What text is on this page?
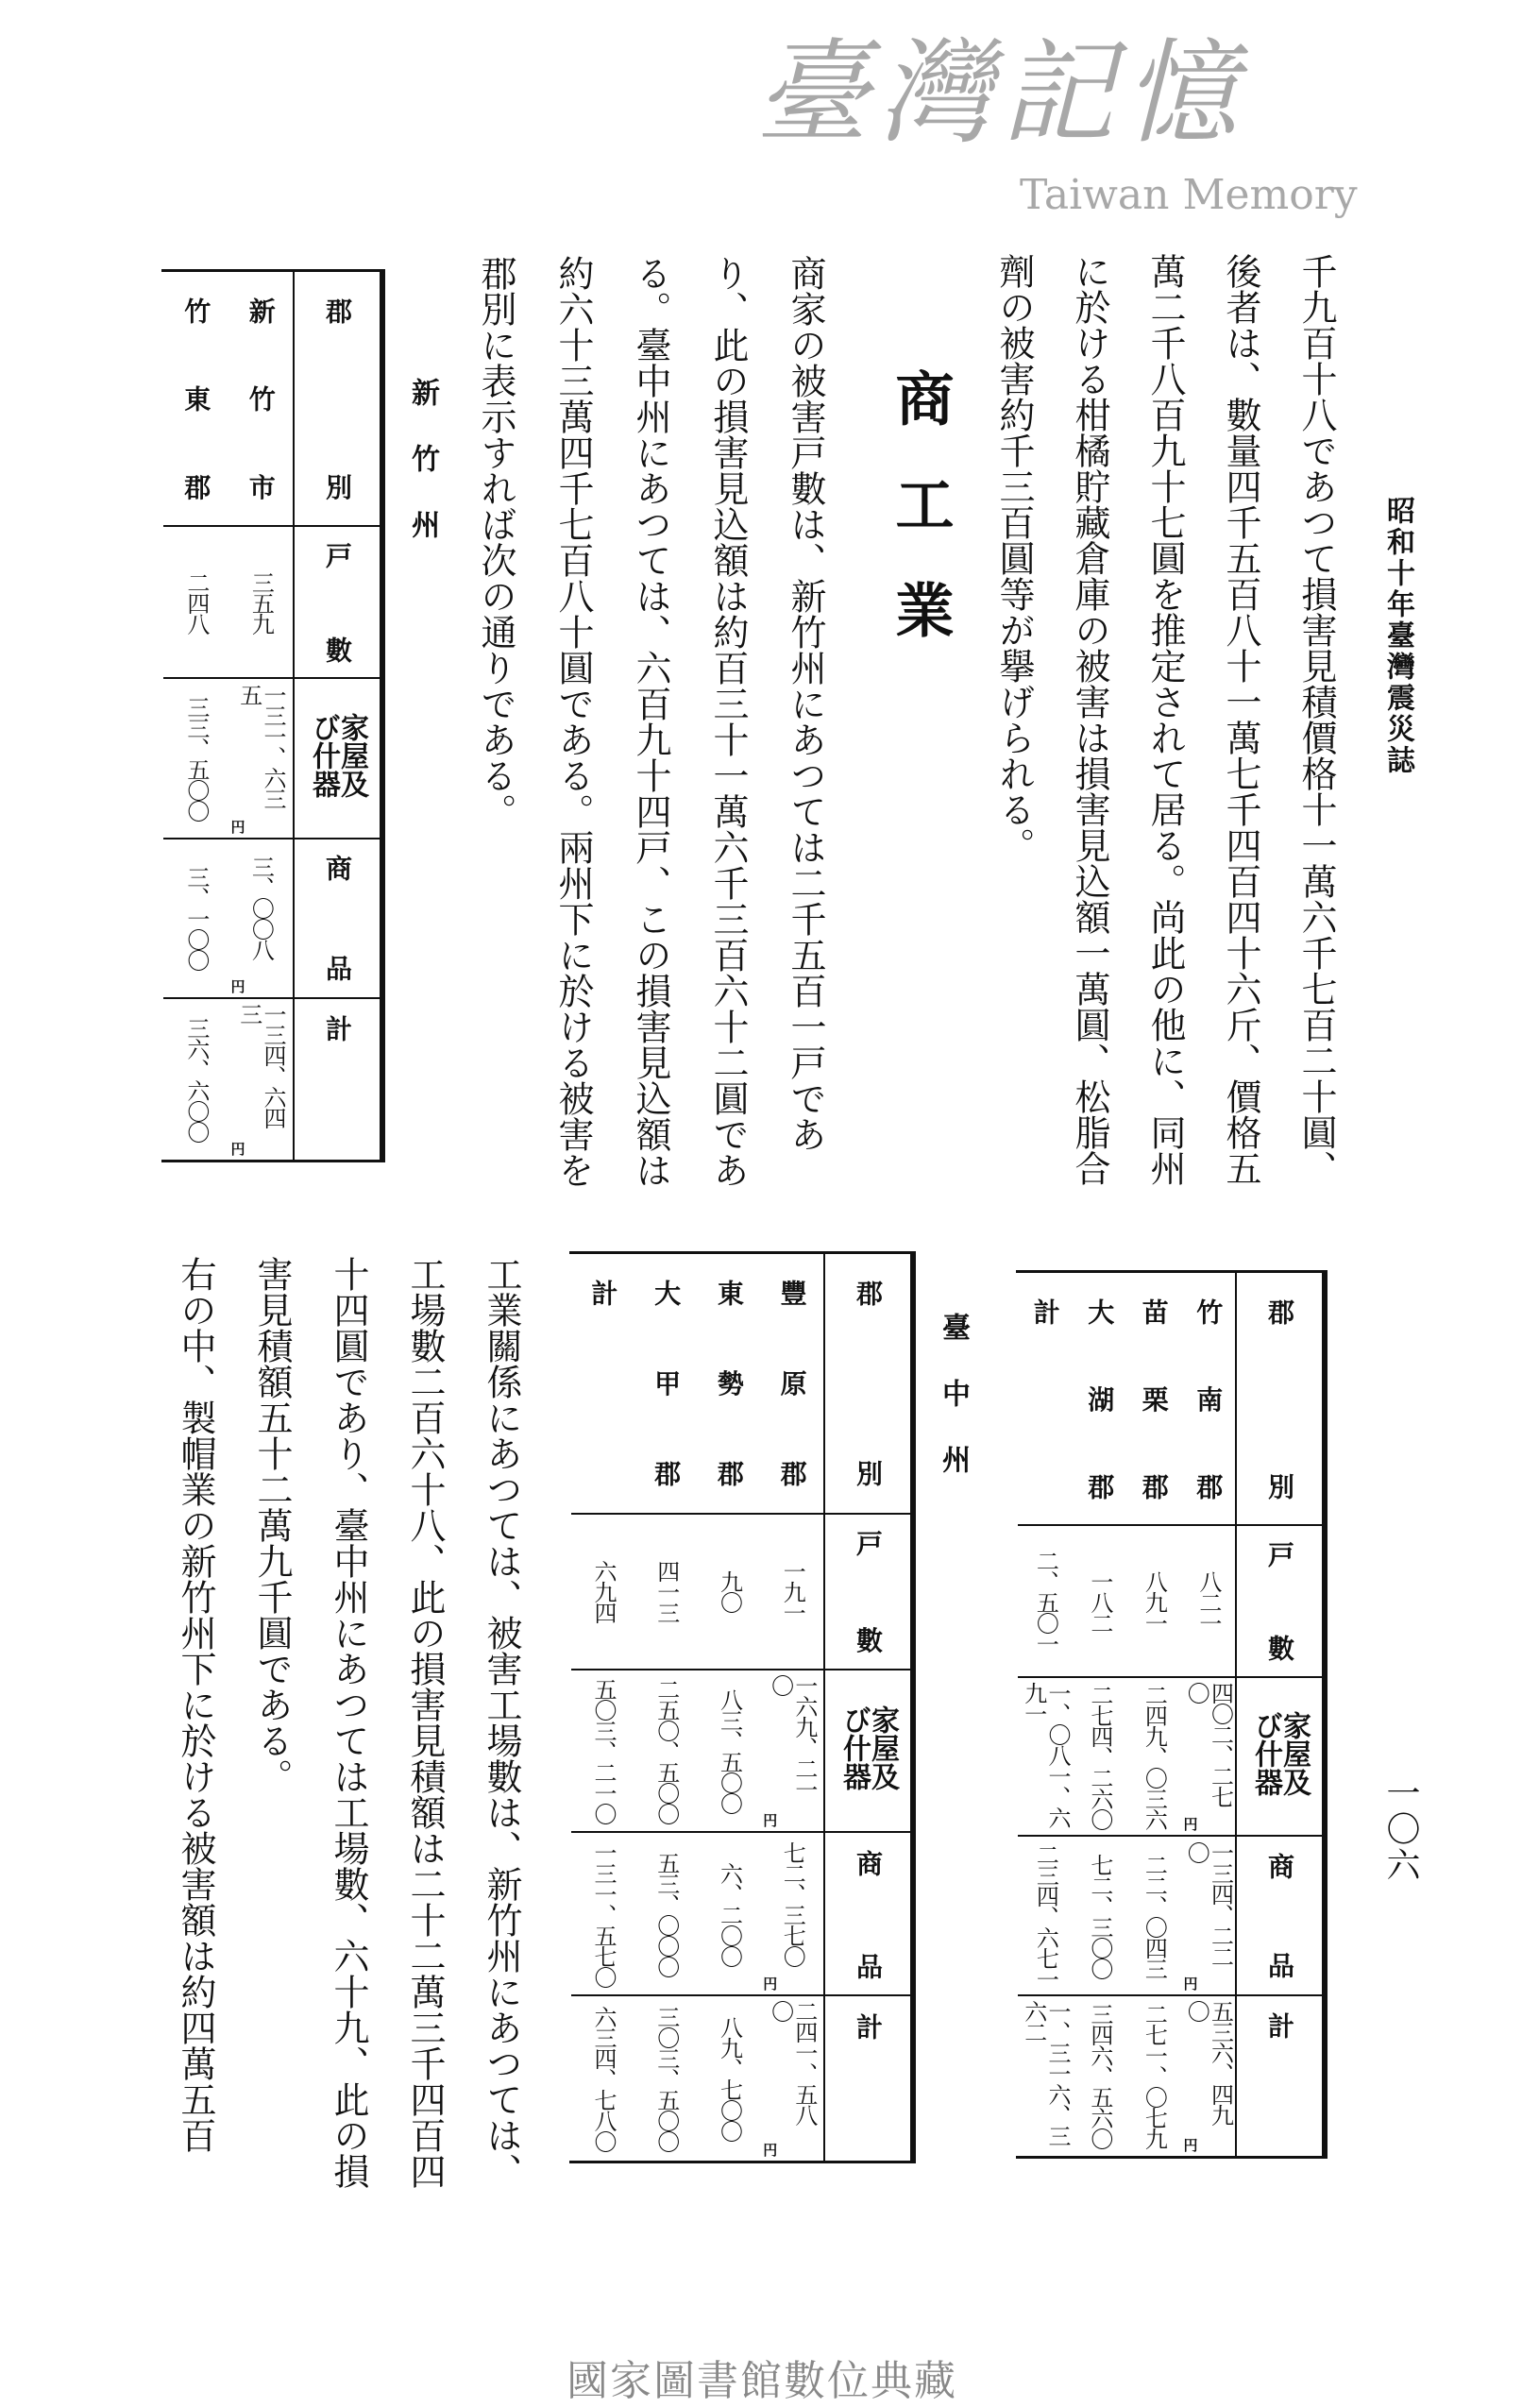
昭和十年臺灣震災誌
一〇六
千九百十八であつて損害見積價格十一萬六千七百二十圓、
後者は、數量四千五百八十一萬七千四百四十六斤、價格五
萬二千八百九十七圓を推定されて居る。尚此の他に、同州
に於ける柑橘貯藏倉庫の被害は損害見込額一萬圓、松脂合
劑の被害約千三百圓等が擧げられる。
商工業
商家の被害戸數は、新竹州にあつては二千五百一戸であ
り、此の損害見込額は約百三十一萬六千三百六十二圓であ
る。臺中州にあつては、六百九十四戸、この損害見込額は
約六十三萬四千七百八十圓である。兩州下に於ける被害を
郡別に表示すれば次の通りである。
工業關係にあつては、被害工場數は、新竹州にあつては、
工場數二百六十八、此の損害見積額は二十二萬三千四百四
十四圓であり、臺中州にあつては工場數、六十九、此の損
害見積額五十二萬九千圓である。
右の中、製帽業の新竹州下に於ける被害額は約四萬五百
新竹州
臺中州
郡別
戸數
家屋及び什器
商品
計
新竹市
三五九
一三一、六三五
円
三、〇〇八
円
一三四、六四三
円
竹東郡
二四八
三三、五〇〇
三、一〇〇
三六、六〇〇
郡別
戸數
家屋及び什器
商品
計
竹南郡
八二一
四〇二、二七〇
円
一三四、二二〇
円
五三六、四九〇
円
苗栗郡
八九一
二四九、〇三六
二二、〇四三
二七一、〇七九
大湖郡
一八二
二七四、二六〇
七二、三〇〇
三四六、五六〇
計
二、五〇一
一、〇八一、六九一
二三四、六七一
一、三一六、三六二
郡別
戸數
家屋及び什器
商品
計
豐原郡
一九一
一六九、二一〇
円
七二、三七〇
円
二四一、五八〇
円
東勢郡
九〇
八三、五〇〇
六、二〇〇
八九、七〇〇
大甲郡
四一三
二五〇、五〇〇
五三、〇〇〇
三〇三、五〇〇
計
六九四
五〇三、二一〇
一三一、五七〇
六三四、七八〇
臺灣記憶
Taiwan Memory
國家圖書館數位典藏
